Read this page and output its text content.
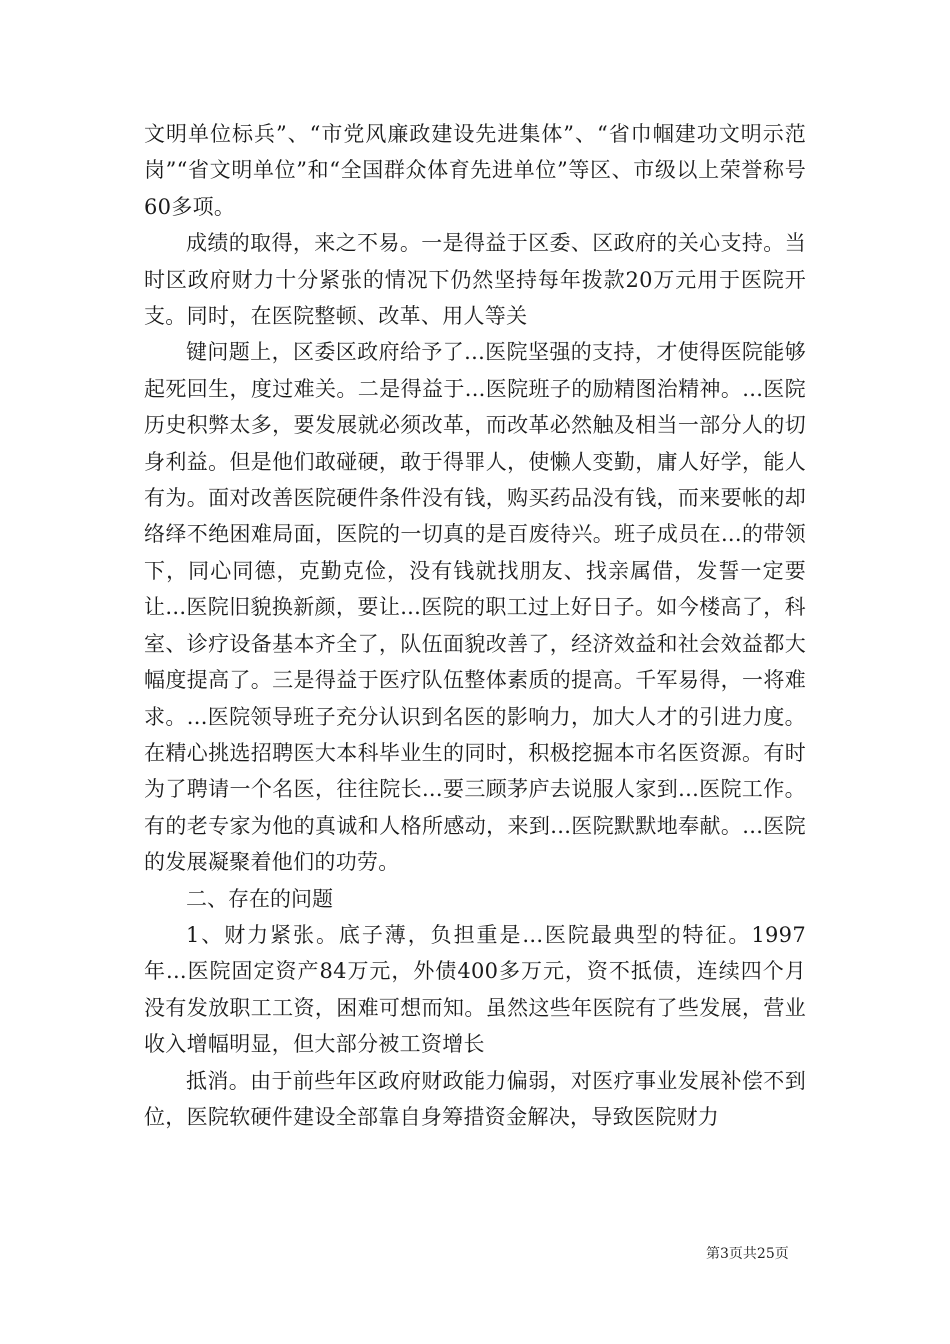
文明单位标兵”、“市党风廉政建设先进集体”、“省巾帼建功文明示范岗”“省文明单位”和“全国群众体育先进单位”等区、市级以上荣誉称号60多项。

成绩的取得，来之不易。一是得益于区委、区政府的关心支持。当时区政府财力十分紧张的情况下仍然坚持每年拨款20万元用于医院开支。同时，在医院整顿、改革、用人等关

键问题上，区委区政府给予了...医院坚强的支持，才使得医院能够起死回生，度过难关。二是得益于...医院班子的励精图治精神。...医院历史积弊太多，要发展就必须改革，而改革必然触及相当一部分人的切身利益。但是他们敢碰硬，敢于得罪人，使懒人变勤，庸人好学，能人有为。面对改善医院硬件条件没有钱，购买药品没有钱，而来要帐的却络绎不绝困难局面，医院的一切真的是百废待兴。班子成员在...的带领下，同心同德，克勤克俭，没有钱就找朋友、找亲属借，发誓一定要让...医院旧貌换新颜，要让...医院的职工过上好日子。如今楼高了，科室、诊疗设备基本齐全了，队伍面貌改善了，经济效益和社会效益都大幅度提高了。三是得益于医疗队伍整体素质的提高。千军易得，一将难求。...医院领导班子充分认识到名医的影响力，加大人才的引进力度。在精心挑选招聘医大本科毕业生的同时，积极挖掘本市名医资源。有时为了聘请一个名医，往往院长...要三顾茅庐去说服人家到...医院工作。有的老专家为他的真诚和人格所感动，来到...医院默默地奉献。...医院的发展凝聚着他们的功劳。

二、存在的问题

1、财力紧张。底子薄，负担重是...医院最典型的特征。1997年...医院固定资产84万元，外债400多万元，资不抵债，连续四个月没有发放职工工资，困难可想而知。虽然这些年医院有了些发展，营业收入增幅明显，但大部分被工资增长

抵消。由于前些年区政府财政能力偏弱，对医疗事业发展补偿不到位，医院软硬件建设全部靠自身筹措资金解决，导致医院财力

第3页共25页
